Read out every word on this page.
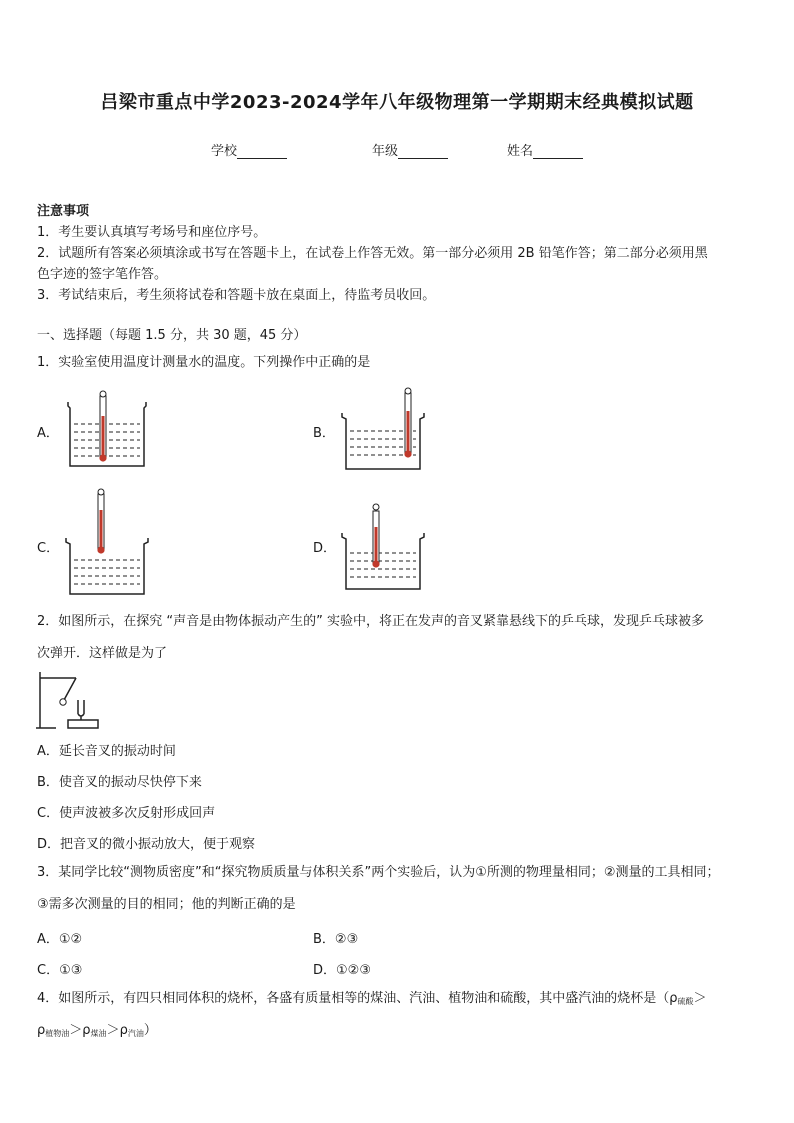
吕梁市重点中学2023-2024学年八年级物理第一学期期末经典模拟试题
学校	年级	姓名
注意事项
1．考生要认真填写考场号和座位序号。
2．试题所有答案必须填涂或书写在答题卡上，在试卷上作答无效。第一部分必须用 2B 铅笔作答；第二部分必须用黑
色字迹的签字笔作答。
3．考试结束后，考生须将试卷和答题卡放在桌面上，待监考员收回。
一、选择题（每题 1.5 分，共 30 题，45 分）
1．实验室使用温度计测量水的温度。下列操作中正确的是
A．	B．
C．	D．
2．如图所示，在探究 “声音是由物体振动产生的” 实验中，将正在发声的音叉紧靠悬线下的乒乓球，发现乒乓球被多
次弹开．这样做是为了
A．延长音叉的振动时间
B．使音叉的振动尽快停下来
C．使声波被多次反射形成回声
D．把音叉的微小振动放大，便于观察
3．某同学比较“测物质密度”和“探究物质质量与体积关系”两个实验后，认为①所测的物理量相同；②测量的工具相同；
③需多次测量的目的相同；他的判断正确的是
A．①②	B．②③
C．①③	D．①②③
4．如图所示，有四只相同体积的烧杯，各盛有质量相等的煤油、汽油、植物油和硫酸，其中盛汽油的烧杯是（$\rho_{硫酸}>$
$\rho_{植物油}>\rho_{煤油}>\rho_{汽油}$）
